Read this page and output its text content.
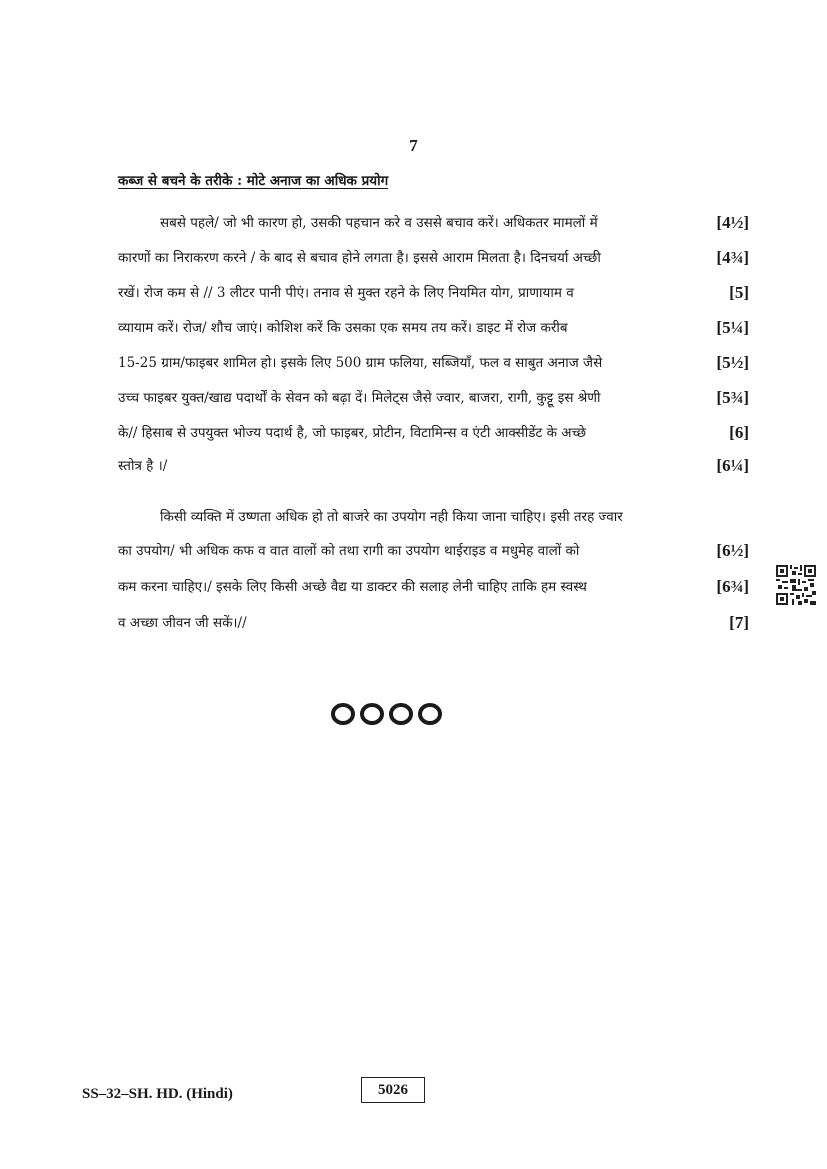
7
कब्ज से बचने के तरीके : मोटे अनाज का अधिक प्रयोग
सबसे पहले/ जो भी कारण हो, उसकी पहचान करे व उससे बचाव करें। अधिकतर मामलों में	[4½]
कारणों का निराकरण करने / के बाद से बचाव होने लगता है। इससे आराम मिलता है। दिनचर्या अच्छी	[4¾]
रखें। रोज कम से // 3 लीटर पानी पीएं। तनाव से मुक्त रहने के लिए नियमित योग, प्राणायाम व	[5]
व्यायाम करें। रोज/ शौच जाएं। कोशिश करें कि उसका एक समय तय करें। डाइट में रोज करीब	[5¼]
15-25 ग्राम/फाइबर शामिल हो। इसके लिए 500 ग्राम फलिया, सब्जियाँ, फल व साबुत अनाज जैसे	[5½]
उच्च फाइबर युक्त/खाद्य पदार्थों के सेवन को बढ़ा दें। मिलेट्स जैसे ज्वार, बाजरा, रागी, कुट्टू इस श्रेणी	[5¾]
के// हिसाब से उपयुक्त भोज्य पदार्थ है, जो फाइबर, प्रोटीन, विटामिन्स व एंटी आक्सीडेंट के अच्छे	[6]
स्तोत्र है ।/	[6¼]
किसी व्यक्ति में उष्णता अधिक हो तो बाजरे का उपयोग नही किया जाना चाहिए। इसी तरह ज्वार
का उपयोग/ भी अधिक कफ व वात वालों को तथा रागी का उपयोग थाईराइड व मधुमेह वालों को	[6½]
कम करना चाहिए।/ इसके लिए किसी अच्छे वैद्य या डाक्टर की सलाह लेनी चाहिए ताकि हम स्वस्थ	[6¾]
व अच्छा जीवन जी सकें।//	[7]
SS–32–SH. HD. (Hindi)	5026
